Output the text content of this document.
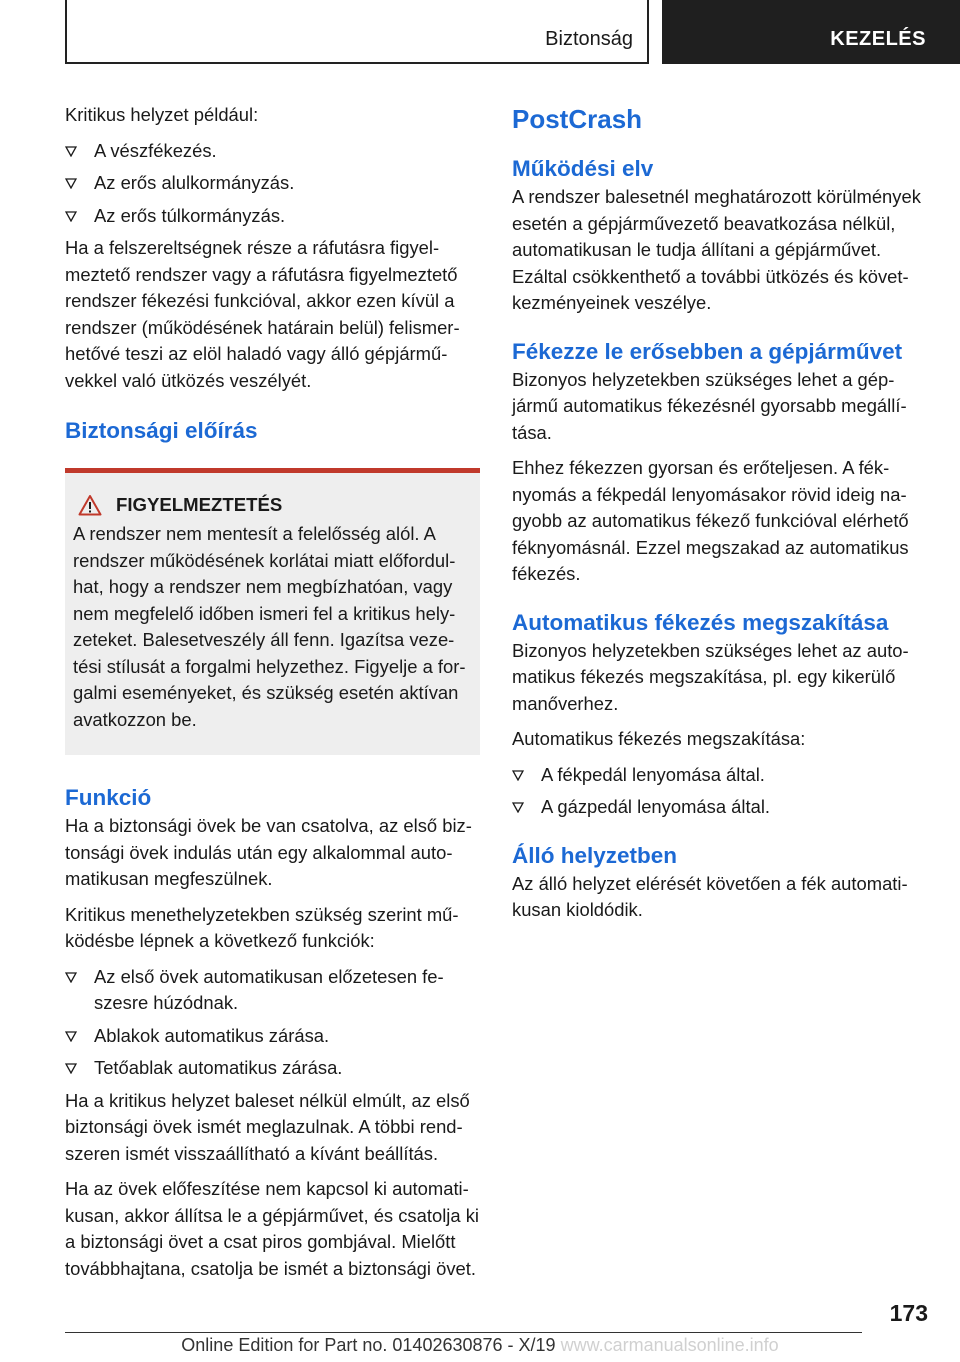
Biztonság	KEZELÉS

Kritikus helyzet például:

A vészfékezés.
Az erős alulkormányzás.
Az erős túlkormányzás.

Ha a felszereltségnek része a ráfutásra figyelmeztető rendszer vagy a ráfutásra figyelmeztető rendszer fékezési funkcióval, akkor ezen kívül a rendszer (működésének határain belül) felismerhetővé teszi az elöl haladó vagy álló gépjárművekkel való ütközés veszélyét.

Biztonsági előírás
FIGYELMEZTETÉS

A rendszer nem mentesít a felelősség alól. A rendszer működésének korlátai miatt előfordulhat, hogy a rendszer nem megbízhatóan, vagy nem megfelelő időben ismeri fel a kritikus helyzeteket. Balesetveszély áll fenn. Igazítsa vezetési stílusát a forgalmi helyzethez. Figyelje a forgalmi eseményeket, és szükség esetén aktívan avatkozzon be.

Funkció

Ha a biztonsági övek be van csatolva, az első biztonsági övek indulás után egy alkalommal automatikusan megfeszülnek.

Kritikus menethelyzetekben szükség szerint működésbe lépnek a következő funkciók:

Az első övek automatikusan előzetesen feszesre húzódnak.
Ablakok automatikus zárása.
Tetőablak automatikus zárása.

Ha a kritikus helyzet baleset nélkül elmúlt, az első biztonsági övek ismét meglazulnak. A többi rendszeren ismét visszaállítható a kívánt beállítás.

Ha az övek előfeszítése nem kapcsol ki automatikusan, akkor állítsa le a gépjárművet, és csatolja ki a biztonsági övet a csat piros gombjával. Mielőtt továbbhajtana, csatolja be ismét a biztonsági övet.

PostCrash
Működési elv

A rendszer balesetnél meghatározott körülmények esetén a gépjárművezető beavatkozása nélkül, automatikusan le tudja állítani a gépjárművet. Ezáltal csökkenthető a további ütközés és következményeinek veszélye.

Fékezze le erősebben a gépjárművet

Bizonyos helyzetekben szükséges lehet a gépjármű automatikus fékezésnél gyorsabb megállítása.

Ehhez fékezzen gyorsan és erőteljesen. A féknyomás a fékpedál lenyomásakor rövid ideig nagyobb az automatikus fékező funkcióval elérhető féknyomásnál. Ezzel megszakad az automatikus fékezés.

Automatikus fékezés megszakítása

Bizonyos helyzetekben szükséges lehet az automatikus fékezés megszakítása, pl. egy kikerülő manőverhez.

Automatikus fékezés megszakítása:

A fékpedál lenyomása által.
A gázpedál lenyomása által.
Álló helyzetben

Az álló helyzet elérését követően a fék automatikusan kioldódik.

173
Online Edition for Part no. 01402630876 - X/19 www.carmanualsonline.info
